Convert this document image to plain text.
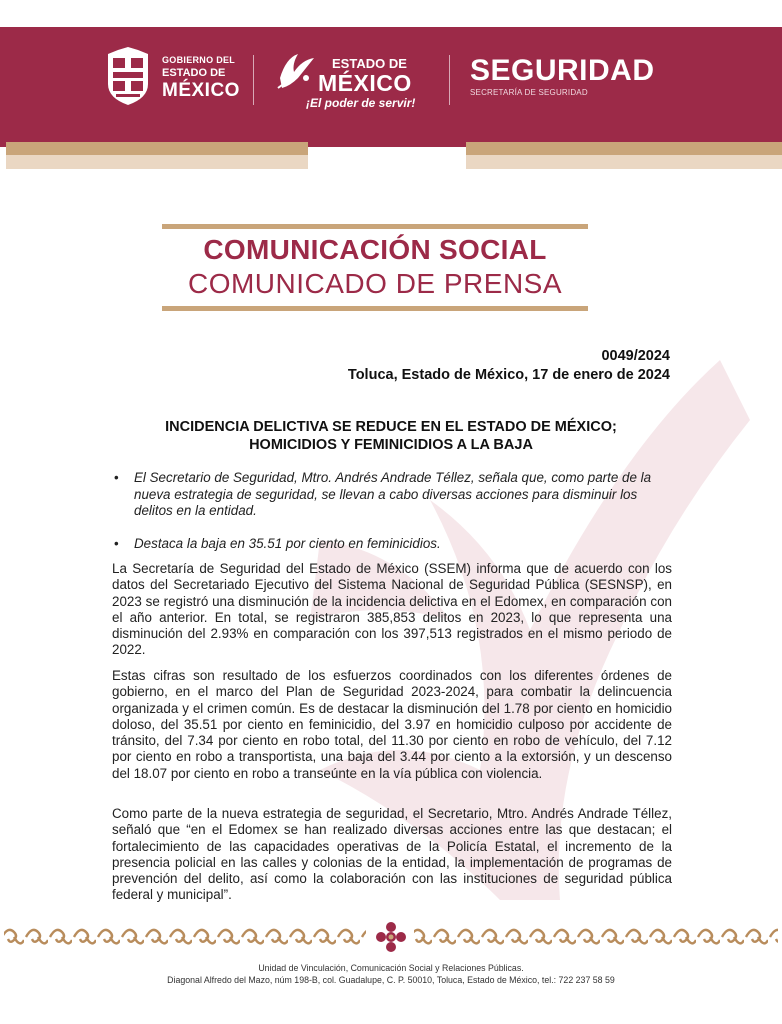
GOBIERNO DEL
ESTADO DE
MÉXICO
ESTADO DE
MÉXICO
¡El poder de servir!
SEGURIDAD
SECRETARÍA DE SEGURIDAD
COMUNICACIÓN SOCIAL
COMUNICADO DE PRENSA
0049/2024
Toluca, Estado de México, 17 de enero de 2024
INCIDENCIA DELICTIVA SE REDUCE EN EL ESTADO DE MÉXICO;
HOMICIDIOS Y FEMINICIDIOS A LA BAJA
• El Secretario de Seguridad, Mtro. Andrés Andrade Téllez, señala que, como parte de la nueva estrategia de seguridad, se llevan a cabo diversas acciones para disminuir los delitos en la entidad.
• Destaca la baja en 35.51 por ciento en feminicidios.

La Secretaría de Seguridad del Estado de México (SSEM) informa que de acuerdo con los datos del Secretariado Ejecutivo del Sistema Nacional de Seguridad Pública (SESNSP), en 2023 se registró una disminución de la incidencia delictiva en el Edomex, en comparación con el año anterior. En total, se registraron 385,853 delitos en 2023, lo que representa una disminución del 2.93% en comparación con los 397,513 registrados en el mismo periodo de 2022.

Estas cifras son resultado de los esfuerzos coordinados con los diferentes órdenes de gobierno, en el marco del Plan de Seguridad 2023-2024, para combatir la delincuencia organizada y el crimen común. Es de destacar la disminución del 1.78 por ciento en homicidio doloso, del 35.51 por ciento en feminicidio, del 3.97 en homicidio culposo por accidente de tránsito, del 7.34 por ciento en robo total, del 11.30 por ciento en robo de vehículo, del 7.12 por ciento en robo a transportista, una baja del 3.44 por ciento a la extorsión, y un descenso del 18.07 por ciento en robo a transeúnte en la vía pública con violencia.

Como parte de la nueva estrategia de seguridad, el Secretario, Mtro. Andrés Andrade Téllez, señaló que “en el Edomex se han realizado diversas acciones entre las que destacan; el fortalecimiento de las capacidades operativas de la Policía Estatal, el incremento de la presencia policial en las calles y colonias de la entidad, la implementación de programas de prevención del delito, así como la colaboración con las instituciones de seguridad pública federal y municipal”.

Unidad de Vinculación, Comunicación Social y Relaciones Públicas.
Diagonal Alfredo del Mazo, núm 198-B, col. Guadalupe, C. P. 50010, Toluca, Estado de México, tel.: 722 237 58 59
